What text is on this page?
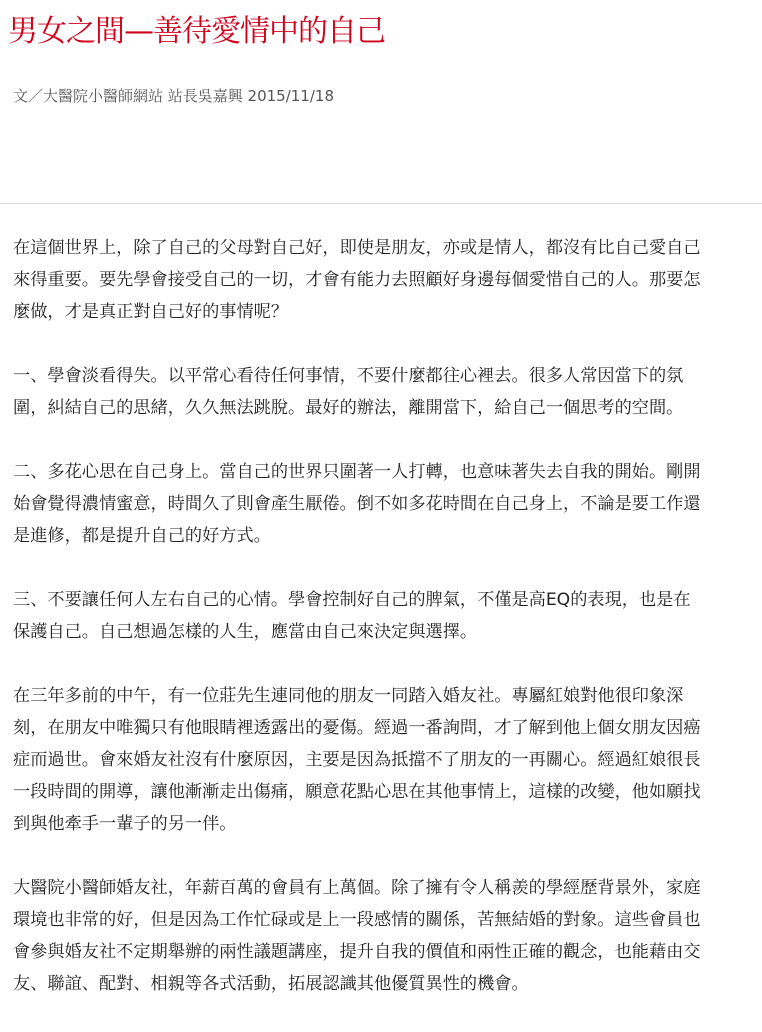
男女之間—善待愛情中的自己

文／大醫院小醫師網站 站長吳嘉興 2015/11/18

在這個世界上，除了自己的父母對自己好，即使是朋友，亦或是情人，都沒有比自己愛自己
來得重要。要先學會接受自己的一切，才會有能力去照顧好身邊每個愛惜自己的人。那要怎
麼做，才是真正對自己好的事情呢？

一、學會淡看得失。以平常心看待任何事情，不要什麼都往心裡去。很多人常因當下的氛
圍，糾結自己的思緒，久久無法跳脫。最好的辦法，離開當下，給自己一個思考的空間。

二、多花心思在自己身上。當自己的世界只圍著一人打轉，也意味著失去自我的開始。剛開
始會覺得濃情蜜意，時間久了則會產生厭倦。倒不如多花時間在自己身上，不論是要工作還
是進修，都是提升自己的好方式。

三、不要讓任何人左右自己的心情。學會控制好自己的脾氣，不僅是高EQ的表現，也是在
保護自己。自己想過怎樣的人生，應當由自己來決定與選擇。

在三年多前的中午，有一位莊先生連同他的朋友一同踏入婚友社。專屬紅娘對他很印象深
刻，在朋友中唯獨只有他眼睛裡透露出的憂傷。經過一番詢問，才了解到他上個女朋友因癌
症而過世。會來婚友社沒有什麼原因，主要是因為抵擋不了朋友的一再關心。經過紅娘很長
一段時間的開導，讓他漸漸走出傷痛，願意花點心思在其他事情上，這樣的改變，他如願找
到與他牽手一輩子的另一伴。

大醫院小醫師婚友社，年薪百萬的會員有上萬個。除了擁有令人稱羨的學經歷背景外，家庭
環境也非常的好，但是因為工作忙碌或是上一段感情的關係，苦無結婚的對象。這些會員也
會參與婚友社不定期舉辦的兩性議題講座，提升自我的價值和兩性正確的觀念，也能藉由交
友、聯誼、配對、相親等各式活動，拓展認識其他優質異性的機會。
